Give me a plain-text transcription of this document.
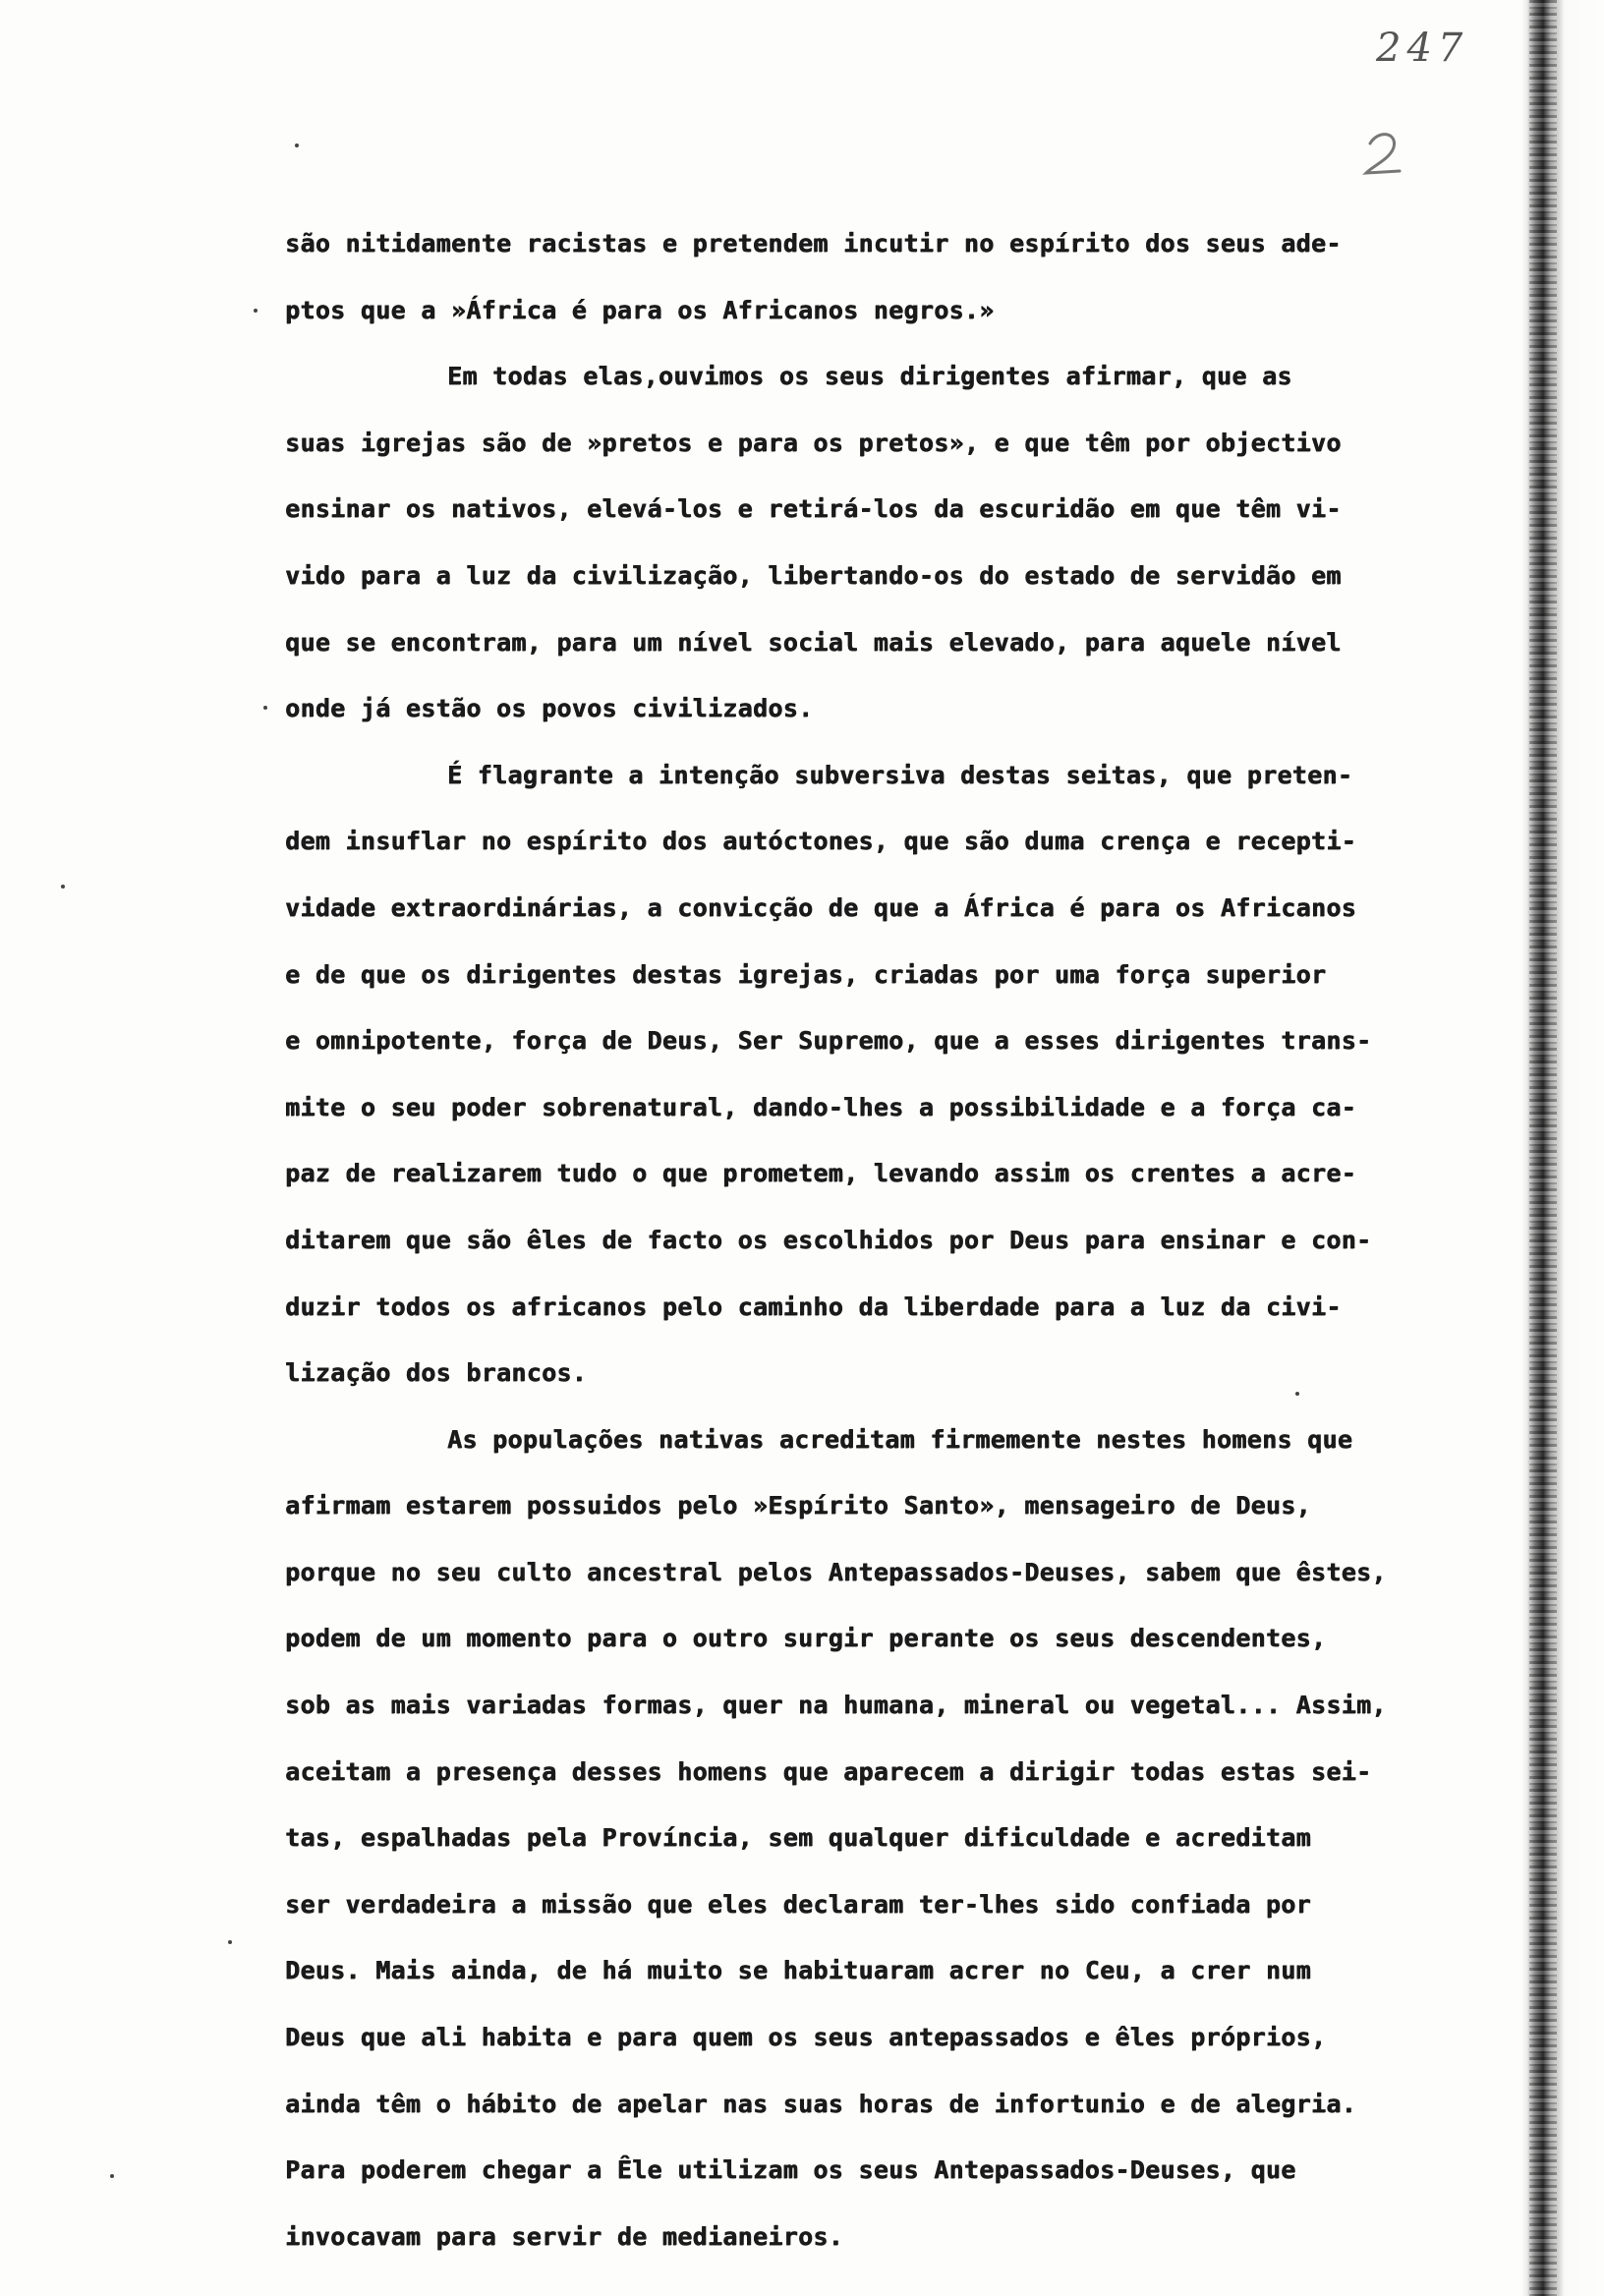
247
são nitidamente racistas e pretendem incutir no espírito dos seus ade-
ptos que a »África é para os Africanos negros.»
Em todas elas,ouvimos os seus dirigentes afirmar, que as
suas igrejas são de »pretos e para os pretos», e que têm por objectivo
ensinar os nativos, elevá-los e retirá-los da escuridão em que têm vi-
vido para a luz da civilização, libertando-os do estado de servidão em
que se encontram, para um nível social mais elevado, para aquele nível
onde já estão os povos civilizados.
É flagrante a intenção subversiva destas seitas, que preten-
dem insuflar no espírito dos autóctones, que são duma crença e recepti-
vidade extraordinárias, a convicção de que a África é para os Africanos
e de que os dirigentes destas igrejas, criadas por uma força superior
e omnipotente, força de Deus, Ser Supremo, que a esses dirigentes trans-
mite o seu poder sobrenatural, dando-lhes a possibilidade e a força ca-
paz de realizarem tudo o que prometem, levando assim os crentes a acre-
ditarem que são êles de facto os escolhidos por Deus para ensinar e con-
duzir todos os africanos pelo caminho da liberdade para a luz da civi-
lização dos brancos.
As populações nativas acreditam firmemente nestes homens que
afirmam estarem possuidos pelo »Espírito Santo», mensageiro de Deus,
porque no seu culto ancestral pelos Antepassados-Deuses, sabem que êstes,
podem de um momento para o outro surgir perante os seus descendentes,
sob as mais variadas formas, quer na humana, mineral ou vegetal... Assim,
aceitam a presença desses homens que aparecem a dirigir todas estas sei-
tas, espalhadas pela Província, sem qualquer dificuldade e acreditam
ser verdadeira a missão que eles declaram ter-lhes sido confiada por
Deus. Mais ainda, de há muito se habituaram acrer no Ceu, a crer num
Deus que ali habita e para quem os seus antepassados e êles próprios,
ainda têm o hábito de apelar nas suas horas de infortunio e de alegria.
Para poderem chegar a Êle utilizam os seus Antepassados-Deuses, que
invocavam para servir de medianeiros.
